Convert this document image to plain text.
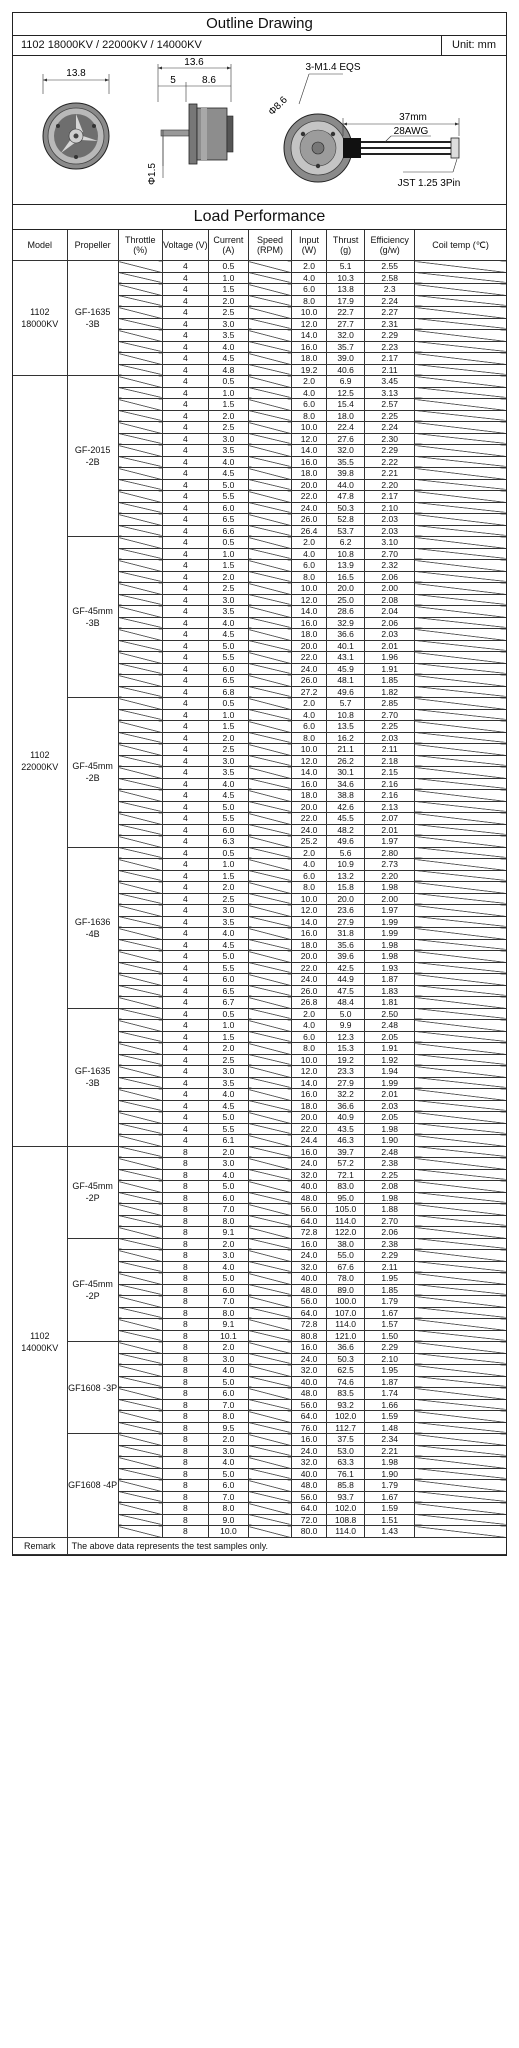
Outline Drawing
1102 18000KV / 22000KV / 14000KV	Unit: mm
13.8
13.6
5	8.6
Φ1.5
Φ8.6
3-M1.4 EQS
37mm
28AWG
JST 1.25 3Pin
Load Performance
Model	Propeller	Throttle (%)	Voltage (V)	Current (A)	Speed (RPM)	Input (W)	Thrust (g)	Efficiency (g/w)	Coil temp (℃)
1102 18000KV	GF-1635 -3B		4	0.5		2.0	5.1	2.55	
			4	1.0		4.0	10.3	2.58	
			4	1.5		6.0	13.8	2.3	
			4	2.0		8.0	17.9	2.24	
			4	2.5		10.0	22.7	2.27	
			4	3.0		12.0	27.7	2.31	
			4	3.5		14.0	32.0	2.29	
			4	4.0		16.0	35.7	2.23	
			4	4.5		18.0	39.0	2.17	
			4	4.8		19.2	40.6	2.11	
1102 22000KV	GF-2015 -2B		4	0.5		2.0	6.9	3.45	
			4	1.0		4.0	12.5	3.13	
			4	1.5		6.0	15.4	2.57	
			4	2.0		8.0	18.0	2.25	
			4	2.5		10.0	22.4	2.24	
			4	3.0		12.0	27.6	2.30	
			4	3.5		14.0	32.0	2.29	
			4	4.0		16.0	35.5	2.22	
			4	4.5		18.0	39.8	2.21	
			4	5.0		20.0	44.0	2.20	
			4	5.5		22.0	47.8	2.17	
			4	6.0		24.0	50.3	2.10	
			4	6.5		26.0	52.8	2.03	
			4	6.6		26.4	53.7	2.03	
	GF-45mm -3B		4	0.5		2.0	6.2	3.10	
			4	1.0		4.0	10.8	2.70	
			4	1.5		6.0	13.9	2.32	
			4	2.0		8.0	16.5	2.06	
			4	2.5		10.0	20.0	2.00	
			4	3.0		12.0	25.0	2.08	
			4	3.5		14.0	28.6	2.04	
			4	4.0		16.0	32.9	2.06	
			4	4.5		18.0	36.6	2.03	
			4	5.0		20.0	40.1	2.01	
			4	5.5		22.0	43.1	1.96	
			4	6.0		24.0	45.9	1.91	
			4	6.5		26.0	48.1	1.85	
			4	6.8		27.2	49.6	1.82	
	GF-45mm -2B		4	0.5		2.0	5.7	2.85	
			4	1.0		4.0	10.8	2.70	
			4	1.5		6.0	13.5	2.25	
			4	2.0		8.0	16.2	2.03	
			4	2.5		10.0	21.1	2.11	
			4	3.0		12.0	26.2	2.18	
			4	3.5		14.0	30.1	2.15	
			4	4.0		16.0	34.6	2.16	
			4	4.5		18.0	38.8	2.16	
			4	5.0		20.0	42.6	2.13	
			4	5.5		22.0	45.5	2.07	
			4	6.0		24.0	48.2	2.01	
			4	6.3		25.2	49.6	1.97	
	GF-1636 -4B		4	0.5		2.0	5.6	2.80	
			4	1.0		4.0	10.9	2.73	
			4	1.5		6.0	13.2	2.20	
			4	2.0		8.0	15.8	1.98	
			4	2.5		10.0	20.0	2.00	
			4	3.0		12.0	23.6	1.97	
			4	3.5		14.0	27.9	1.99	
			4	4.0		16.0	31.8	1.99	
			4	4.5		18.0	35.6	1.98	
			4	5.0		20.0	39.6	1.98	
			4	5.5		22.0	42.5	1.93	
			4	6.0		24.0	44.9	1.87	
			4	6.5		26.0	47.5	1.83	
			4	6.7		26.8	48.4	1.81	
	GF-1635 -3B		4	0.5		2.0	5.0	2.50	
			4	1.0		4.0	9.9	2.48	
			4	1.5		6.0	12.3	2.05	
			4	2.0		8.0	15.3	1.91	
			4	2.5		10.0	19.2	1.92	
			4	3.0		12.0	23.3	1.94	
			4	3.5		14.0	27.9	1.99	
			4	4.0		16.0	32.2	2.01	
			4	4.5		18.0	36.6	2.03	
			4	5.0		20.0	40.9	2.05	
			4	5.5		22.0	43.5	1.98	
			4	6.1		24.4	46.3	1.90	
1102 14000KV	GF-45mm -2P		8	2.0		16.0	39.7	2.48	
			8	3.0		24.0	57.2	2.38	
			8	4.0		32.0	72.1	2.25	
			8	5.0		40.0	83.0	2.08	
			8	6.0		48.0	95.0	1.98	
			8	7.0		56.0	105.0	1.88	
			8	8.0		64.0	114.0	2.70	
			8	9.1		72.8	122.0	2.06	
	GF-45mm -2P		8	2.0		16.0	38.0	2.38	
			8	3.0		24.0	55.0	2.29	
			8	4.0		32.0	67.6	2.11	
			8	5.0		40.0	78.0	1.95	
			8	6.0		48.0	89.0	1.85	
			8	7.0		56.0	100.0	1.79	
			8	8.0		64.0	107.0	1.67	
			8	9.1		72.8	114.0	1.57	
			8	10.1		80.8	121.0	1.50	
	GF1608 -3P		8	2.0		16.0	36.6	2.29	
			8	3.0		24.0	50.3	2.10	
			8	4.0		32.0	62.5	1.95	
			8	5.0		40.0	74.6	1.87	
			8	6.0		48.0	83.5	1.74	
			8	7.0		56.0	93.2	1.66	
			8	8.0		64.0	102.0	1.59	
			8	9.5		76.0	112.7	1.48	
	GF1608 -4P		8	2.0		16.0	37.5	2.34	
			8	3.0		24.0	53.0	2.21	
			8	4.0		32.0	63.3	1.98	
			8	5.0		40.0	76.1	1.90	
			8	6.0		48.0	85.8	1.79	
			8	7.0		56.0	93.7	1.67	
			8	8.0		64.0	102.0	1.59	
			8	9.0		72.0	108.8	1.51	
			8	10.0		80.0	114.0	1.43	
Remark	The above data represents the test samples only.								
